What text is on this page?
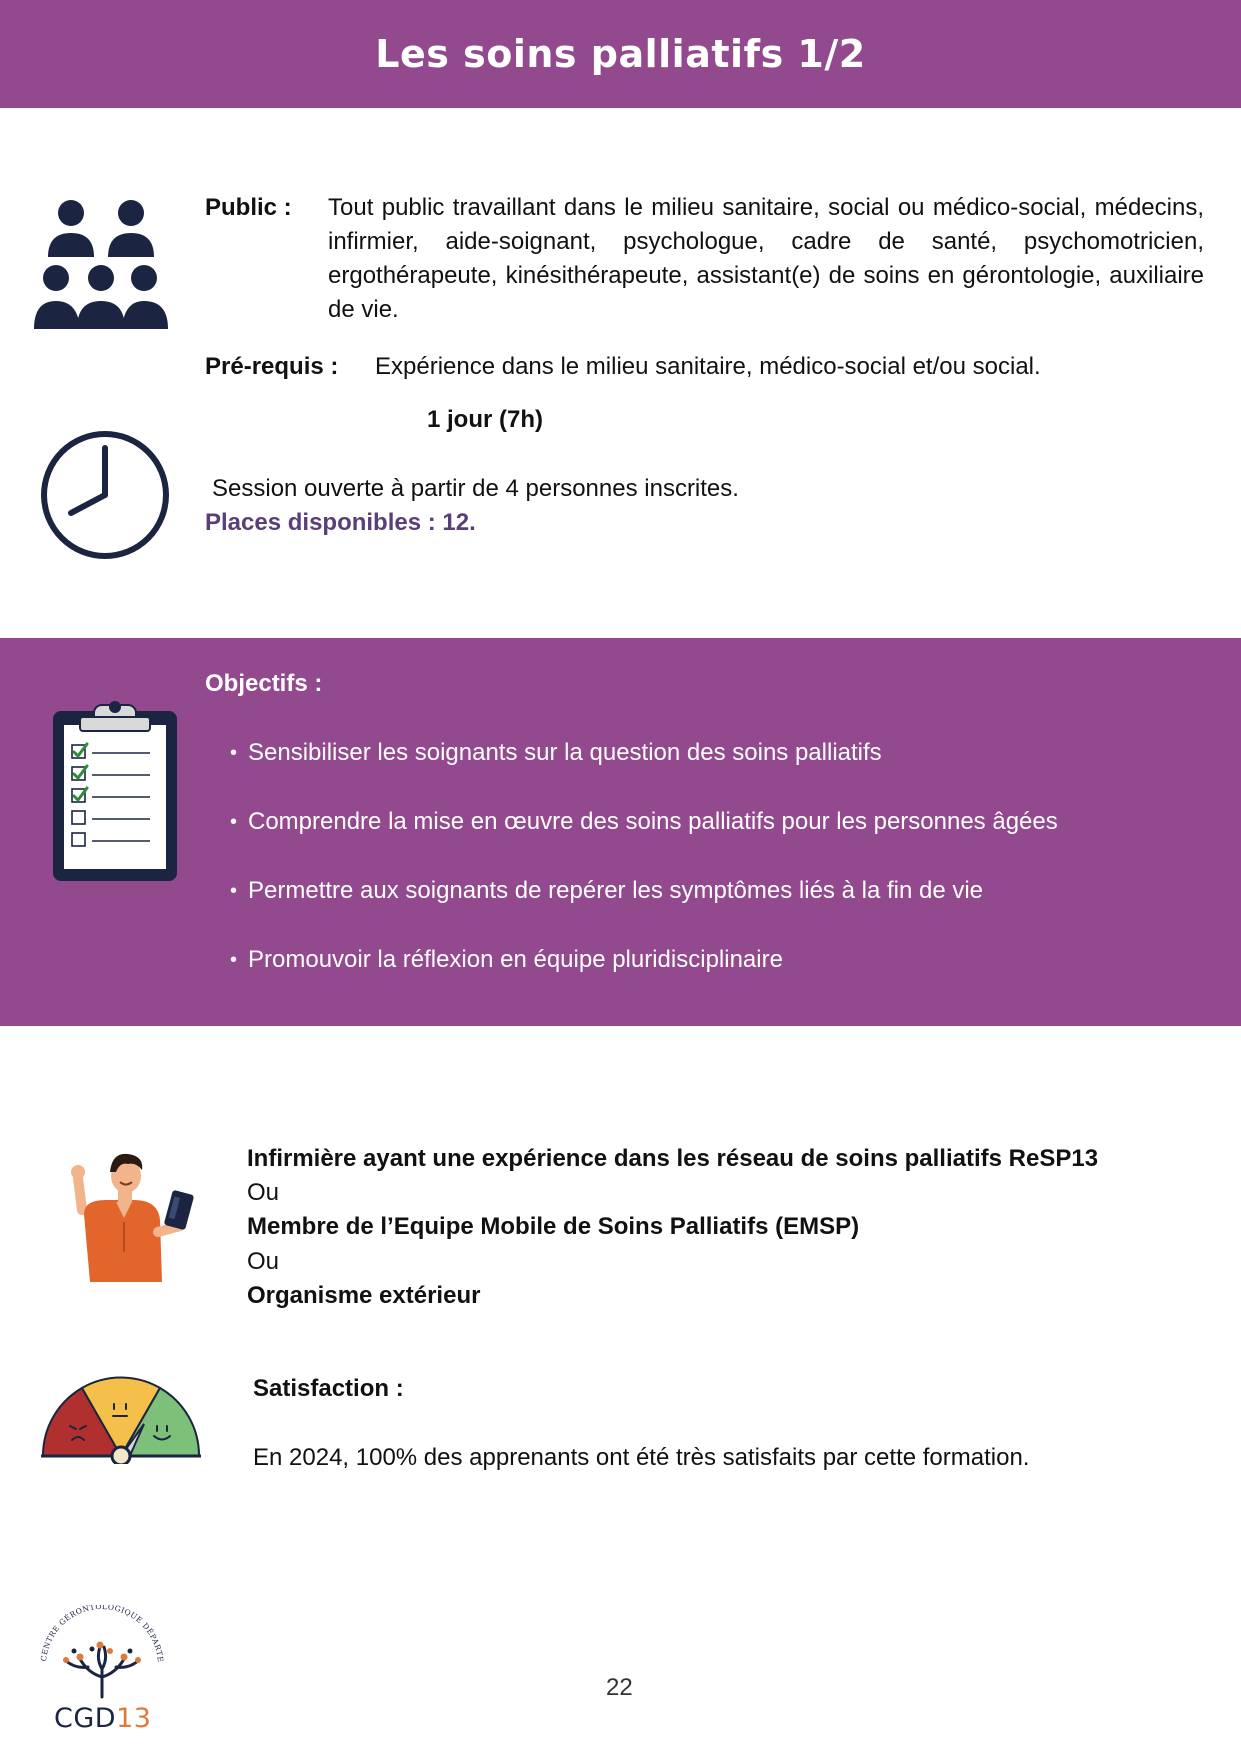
Les soins palliatifs 1/2
Public : Tout public travaillant dans le milieu sanitaire, social ou médico-social, médecins, infirmier, aide-soignant, psychologue, cadre de santé, psychomotricien, ergothérapeute, kinésithérapeute, assistant(e) de soins en gérontologie, auxiliaire de vie.
Pré-requis : Expérience dans le milieu sanitaire, médico-social et/ou social.
1 jour (7h)
Session ouverte à partir de 4 personnes inscrites.
Places disponibles : 12.
Objectifs :
• Sensibiliser les soignants sur la question des soins palliatifs
• Comprendre la mise en œuvre des soins palliatifs pour les personnes âgées
• Permettre aux soignants de repérer les symptômes liés à la fin de vie
• Promouvoir la réflexion en équipe pluridisciplinaire
Infirmière ayant une expérience dans les réseau de soins palliatifs ReSP13
Ou
Membre de l’Equipe Mobile de Soins Palliatifs (EMSP)
Ou
Organisme extérieur
Satisfaction :
En 2024, 100% des apprenants ont été très satisfaits par cette formation.
CENTRE GÉRONTOLOGIQUE DÉPARTE
CGD13
22
